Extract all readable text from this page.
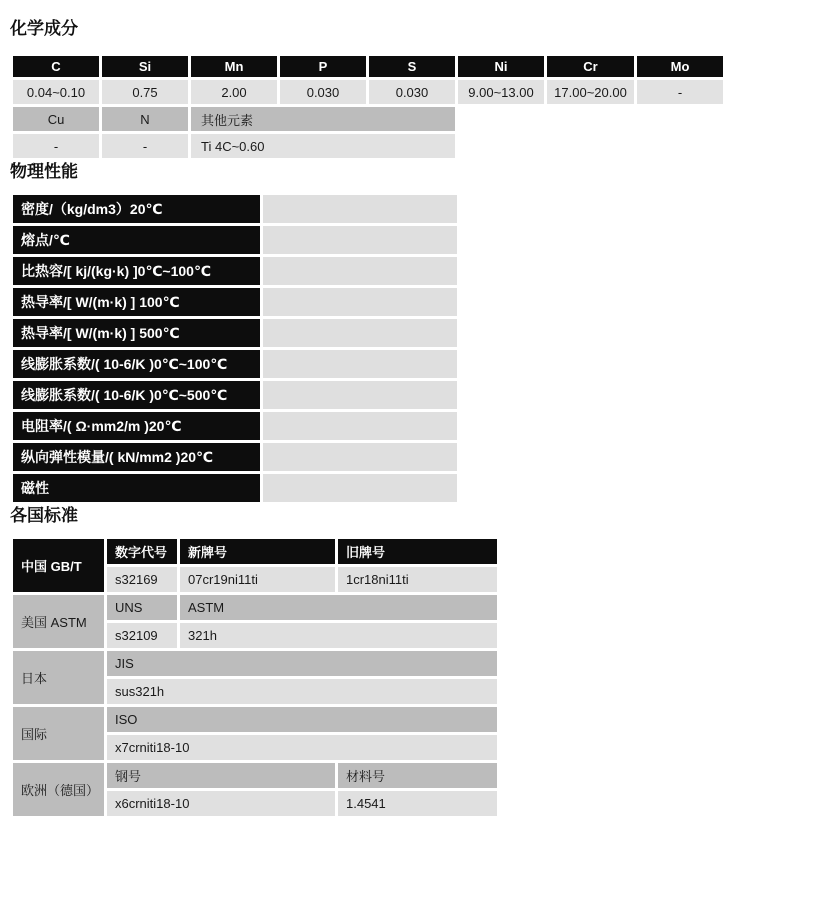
化学成分
C	Si	Mn	P	S	Ni	Cr	Mo
0.04~0.10	0.75	2.00	0.030	0.030	9.00~13.00	17.00~20.00	-
Cu	N	其他元素					
-	-	Ti 4C~0.60					
物理性能
密度/（kg/dm3）20℃	
熔点/℃	
比热容/[ kj/(kg·k) ]0℃~100℃	
热导率/[ W/(m·k) ] 100℃	
热导率/[ W/(m·k) ] 500℃	
线膨胀系数/( 10-6/K )0℃~100℃	
线膨胀系数/( 10-6/K )0℃~500℃	
电阻率/( Ω·mm2/m )20℃	
纵向弹性模量/( kN/mm2 )20℃	
磁性	
各国标准
中国 GB/T	数字代号	新牌号	旧牌号
	s32169	07cr19ni11ti	1cr18ni11ti
美国 ASTM	UNS	ASTM	
	s32109	321h	
日本	JIS		
	sus321h		
国际	ISO		
	x7crniti18-10		
欧洲（德国）	钢号		材料号
	x6crniti18-10		1.4541
